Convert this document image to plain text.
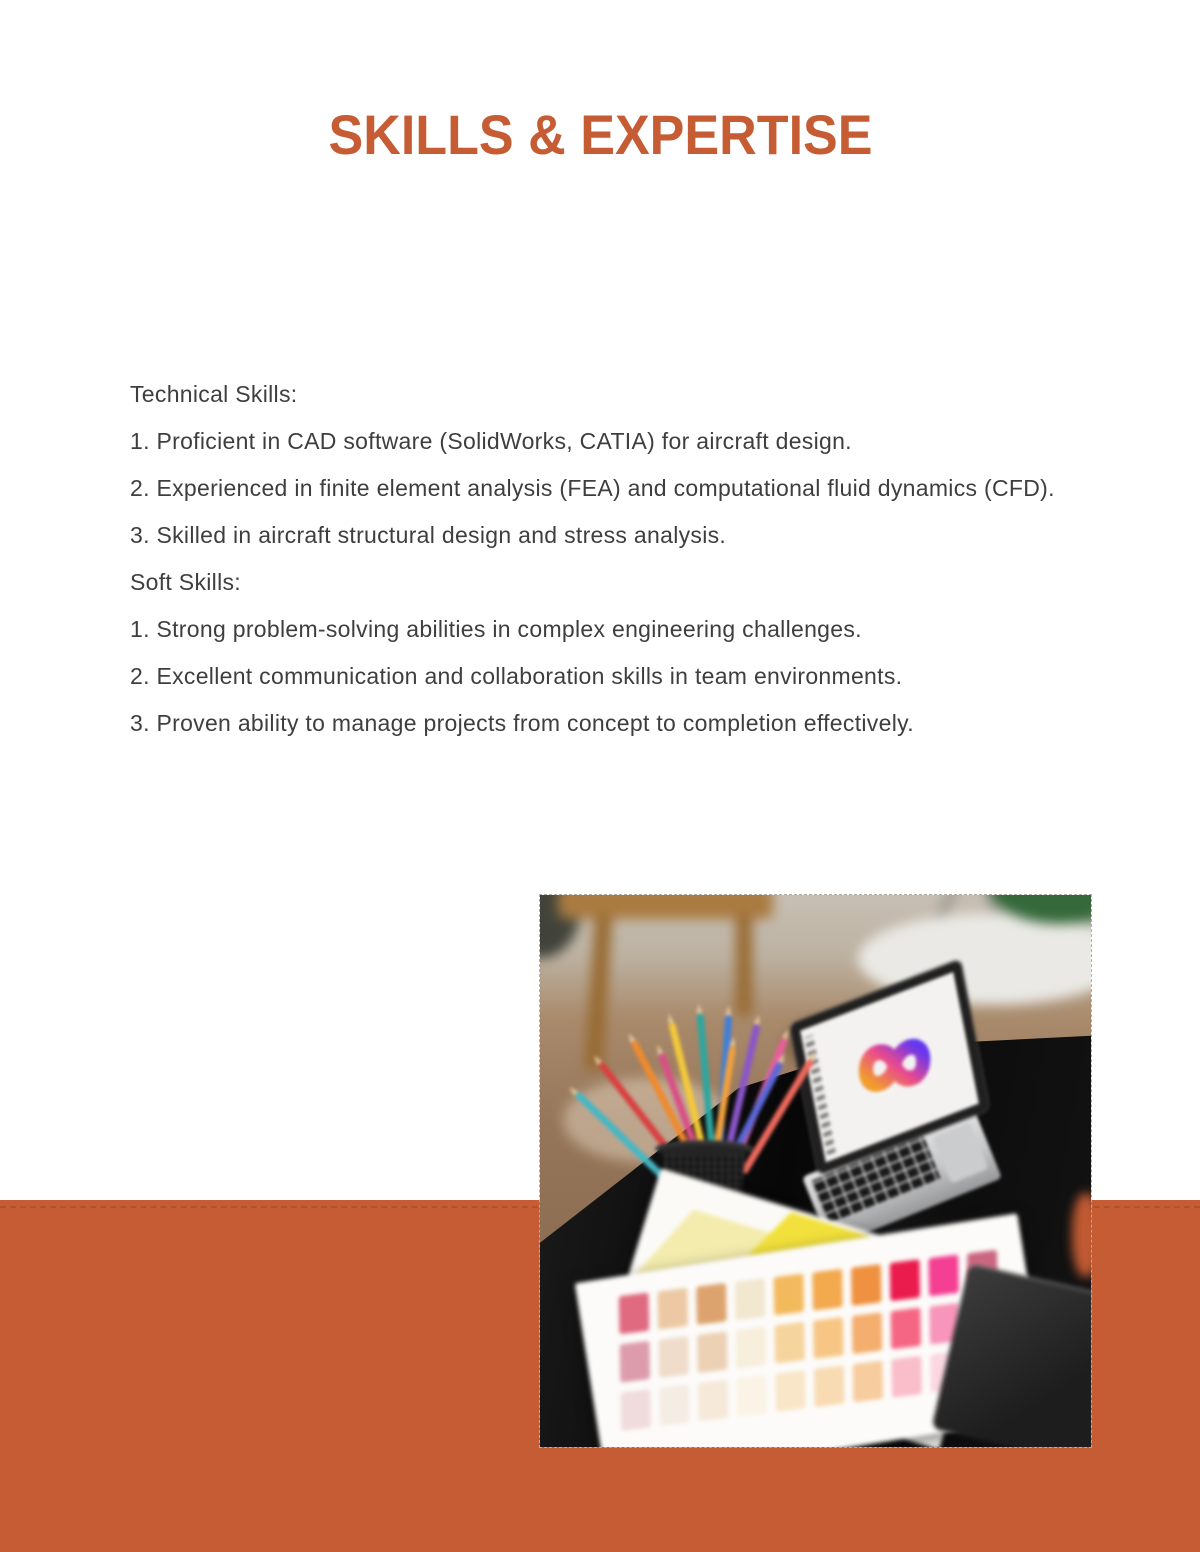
SKILLS & EXPERTISE

Technical Skills:

1. Proficient in CAD software (SolidWorks, CATIA) for aircraft design.

2. Experienced in finite element analysis (FEA) and computational fluid dynamics (CFD).

3. Skilled in aircraft structural design and stress analysis.

Soft Skills:

1. Strong problem-solving abilities in complex engineering challenges.

2. Excellent communication and collaboration skills in team environments.

3. Proven ability to manage projects from concept to completion effectively.
